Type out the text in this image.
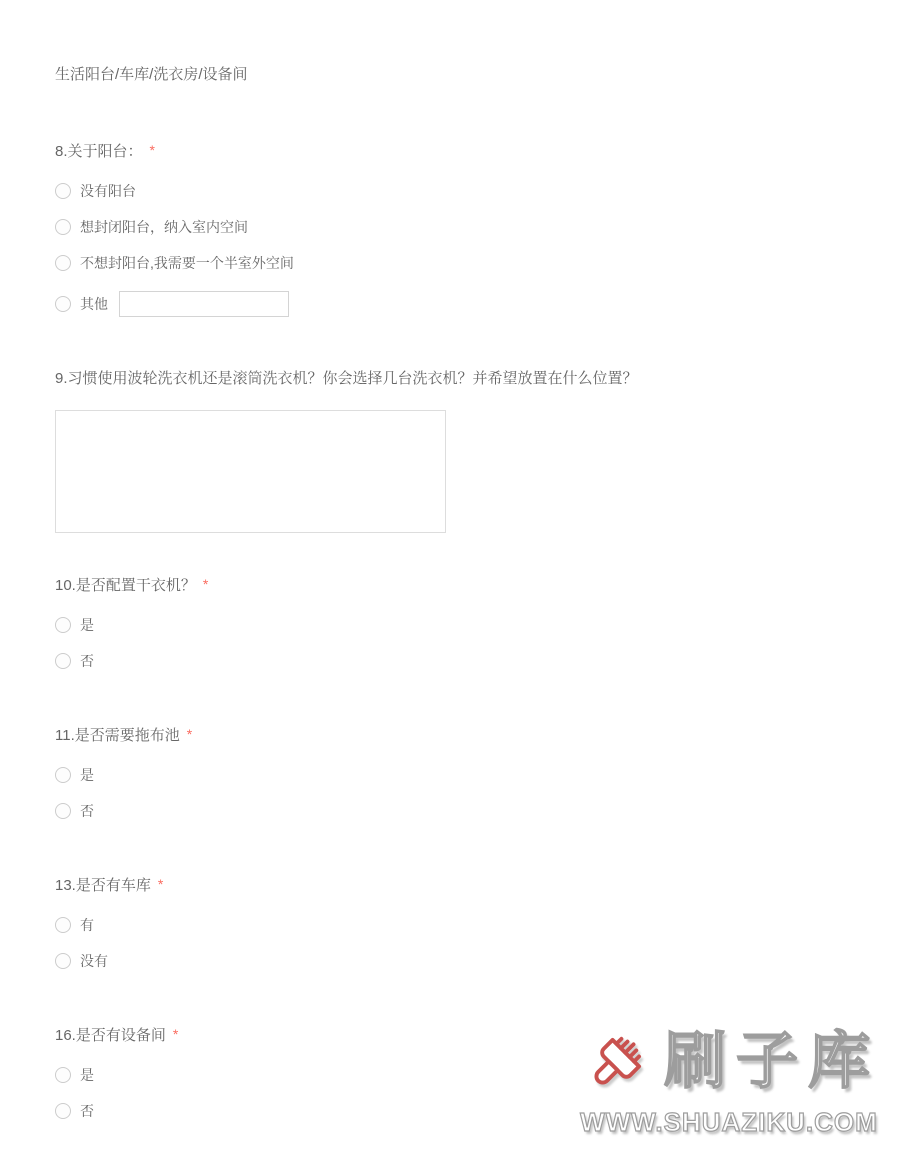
生活阳台/车库/洗衣房/设备间
8.关于阳台： *
没有阳台
想封闭阳台，纳入室内空间
不想封阳台,我需要一个半室外空间
其他
9.习惯使用波轮洗衣机还是滚筒洗衣机？你会选择几台洗衣机？并希望放置在什么位置？
10.是否配置干衣机？ *
是
否
11.是否需要拖布池 *
是
否
13.是否有车库 *
有
没有
16.是否有设备间 *
是
否
刷子库
WWW.SHUAZIKU.COM
